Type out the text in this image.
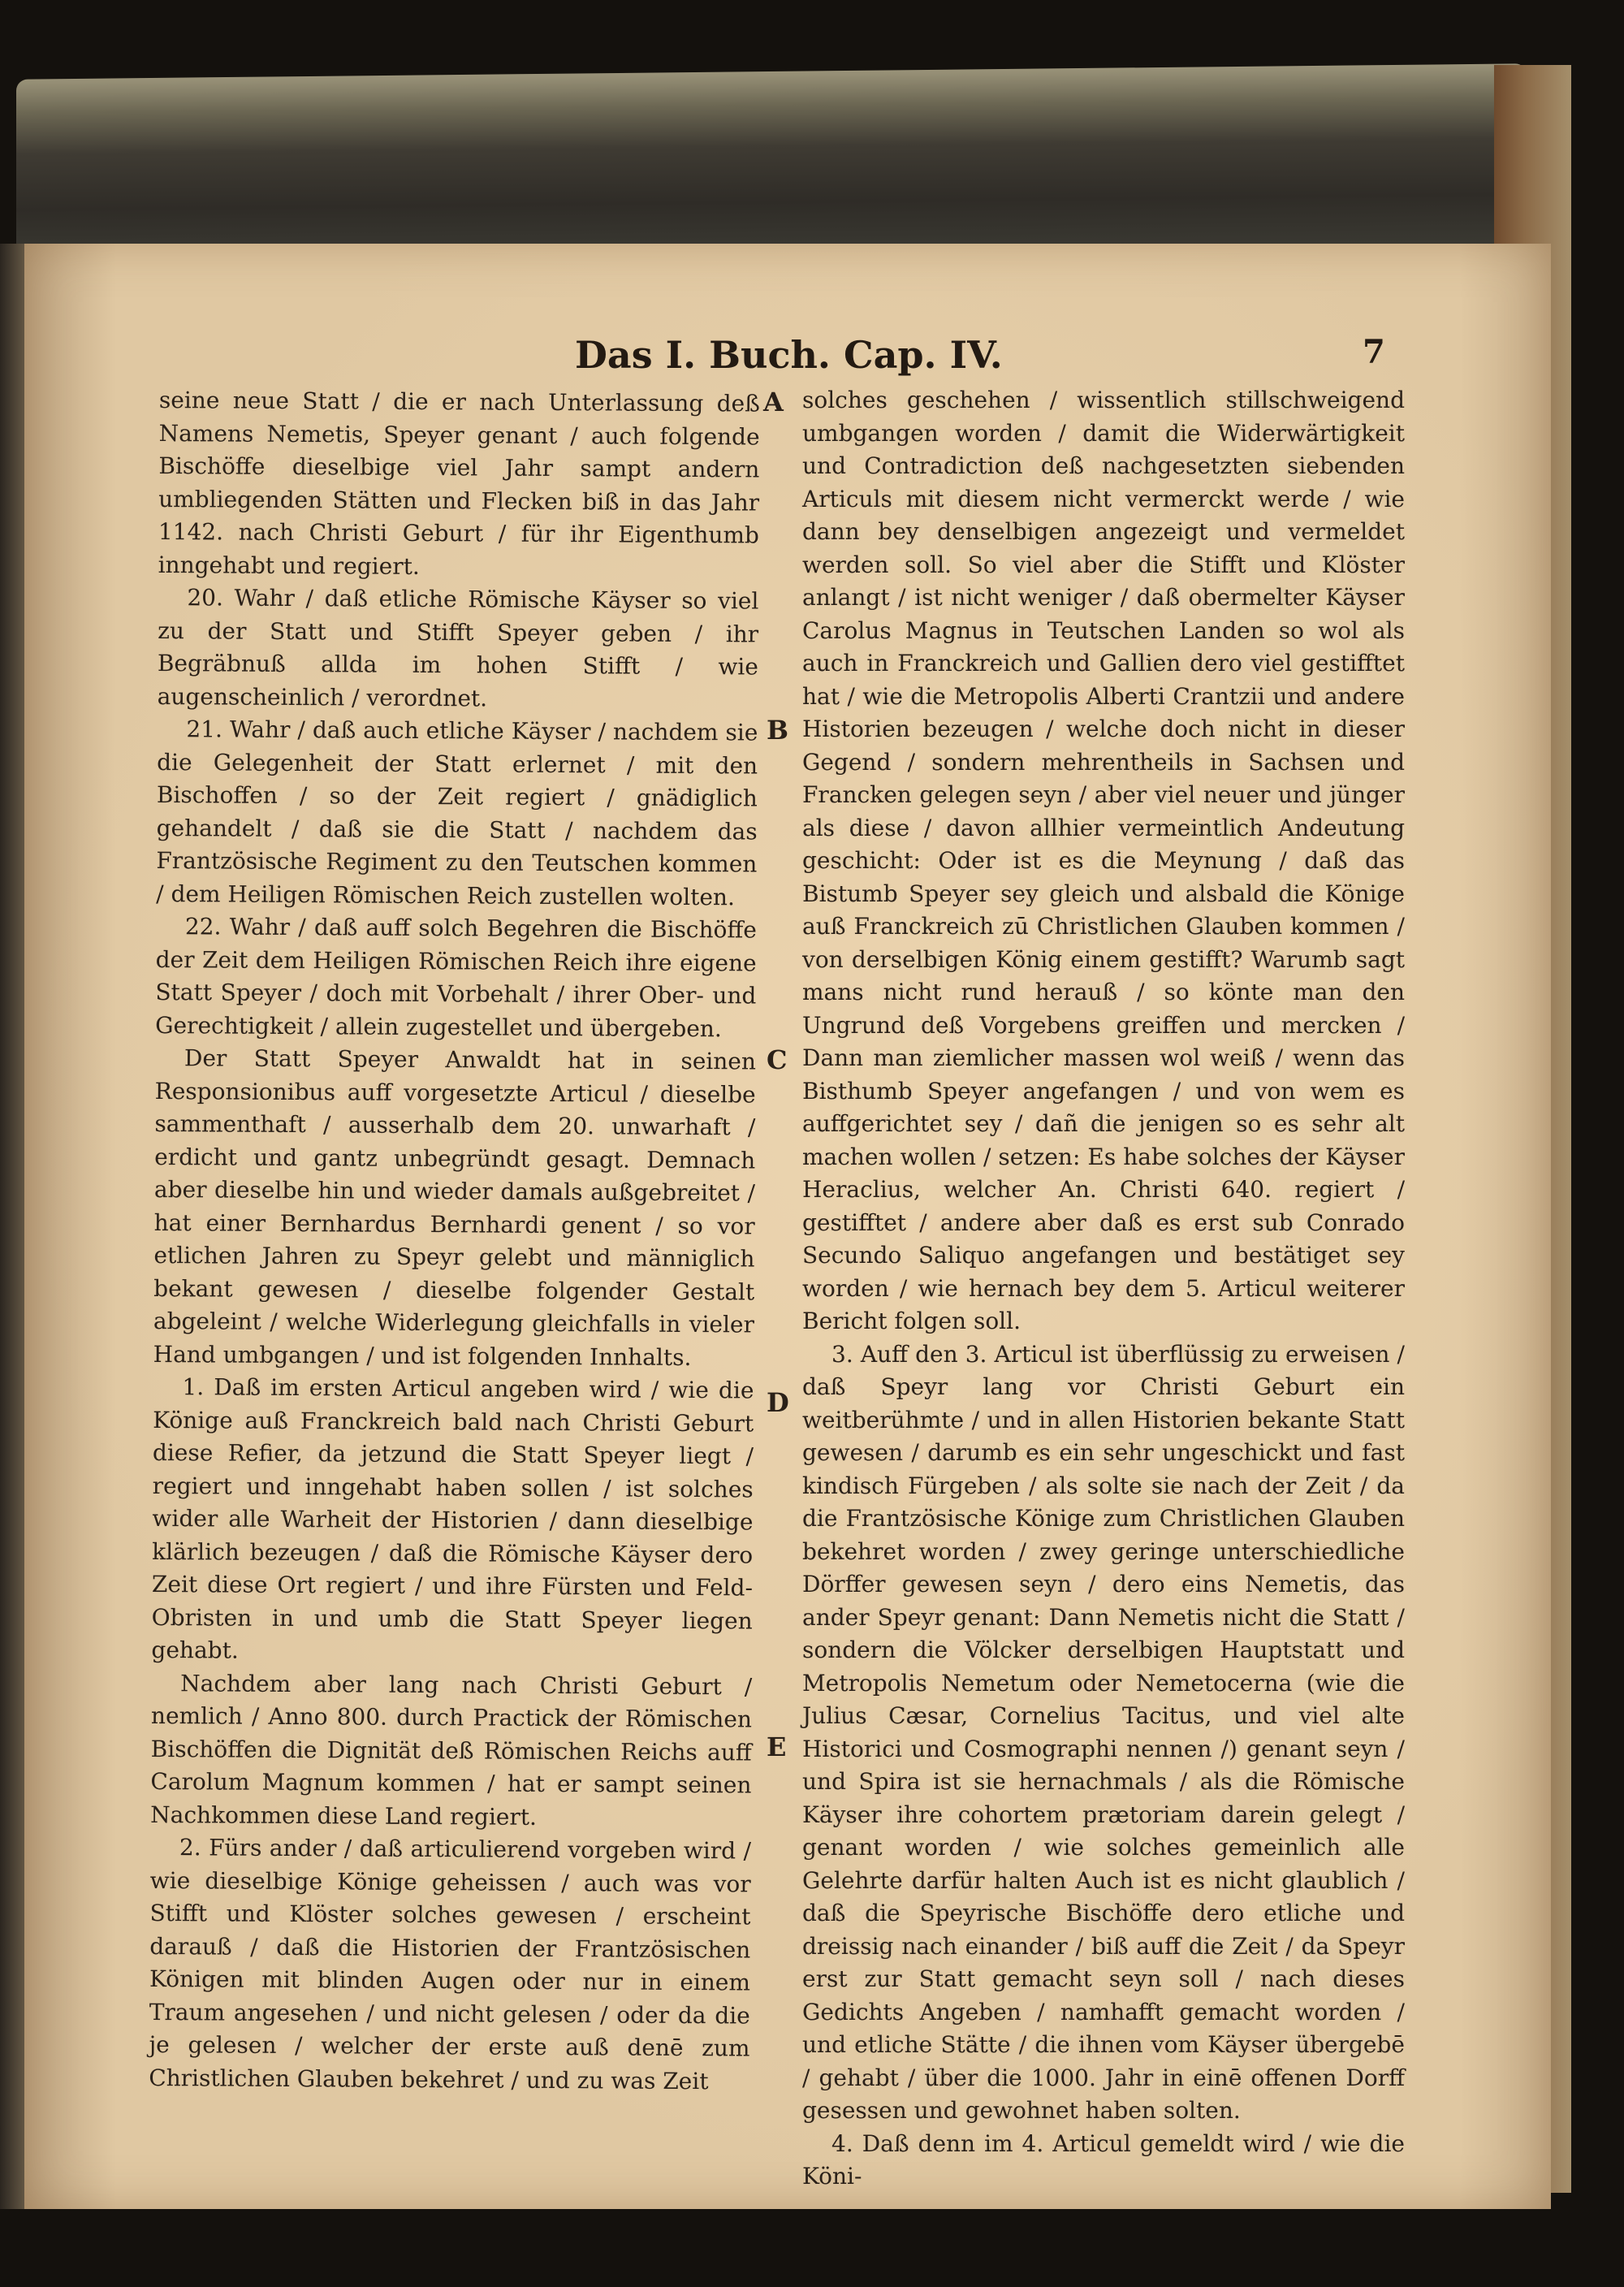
Das I. Buch. Cap. IV.	7

seine neue Statt / die er nach Unterlassung deß Namens Nemetis, Speyer genant / auch folgende Bischöffe dieselbige viel Jahr sampt andern umbliegenden Stätten und Flecken biß in das Jahr 1142. nach Christi Geburt / für ihr Eigenthumb inngehabt und regiert.

20. Wahr / daß etliche Römische Käyser so viel zu der Statt und Stifft Speyer geben / ihr Begräbnuß allda im hohen Stifft / wie augenscheinlich / verordnet.

21. Wahr / daß auch etliche Käyser / nachdem sie die Gelegenheit der Statt erlernet / mit den Bischoffen / so der Zeit regiert / gnädiglich gehandelt / daß sie die Statt / nachdem das Frantzösische Regiment zu den Teutschen kommen / dem Heiligen Römischen Reich zustellen wolten.

22. Wahr / daß auff solch Begehren die Bischöffe der Zeit dem Heiligen Römischen Reich ihre eigene Statt Speyer / doch mit Vorbehalt / ihrer Ober- und Gerechtigkeit / allein zugestellet und übergeben.

Der Statt Speyer Anwaldt hat in seinen Responsionibus auff vorgesetzte Articul / dieselbe sammenthaft / ausserhalb dem 20. unwarhaft / erdicht und gantz unbegründt gesagt. Demnach aber dieselbe hin und wieder damals außgebreitet / hat einer Bernhardus Bernhardi genent / so vor etlichen Jahren zu Speyr gelebt und männiglich bekant gewesen / dieselbe folgender Gestalt abgeleint / welche Widerlegung gleichfalls in vieler Hand umbgangen / und ist folgenden Innhalts.

1. Daß im ersten Articul angeben wird / wie die Könige auß Franckreich bald nach Christi Geburt diese Refier, da jetzund die Statt Speyer liegt / regiert und inngehabt haben sollen / ist solches wider alle Warheit der Historien / dann dieselbige klärlich bezeugen / daß die Römische Käyser dero Zeit diese Ort regiert / und ihre Fürsten und Feld-Obristen in und umb die Statt Speyer liegen gehabt.

Nachdem aber lang nach Christi Geburt / nemlich / Anno 800. durch Practick der Römischen Bischöffen die Dignität deß Römischen Reichs auff Carolum Magnum kommen / hat er sampt seinen Nachkommen diese Land regiert.

2. Fürs ander / daß articulierend vorgeben wird / wie dieselbige Könige geheissen / auch was vor Stifft und Klöster solches gewesen / erscheint darauß / daß die Historien der Frantzösischen Königen mit blinden Augen oder nur in einem Traum angesehen / und nicht gelesen / oder da die je gelesen / welcher der erste auß denē zum Christlichen Glauben bekehret / und zu was Zeit

A
B
C
D
E

solches geschehen / wissentlich stillschweigend umbgangen worden / damit die Widerwärtigkeit und Contradiction deß nachgesetzten siebenden Articuls mit diesem nicht vermerckt werde / wie dann bey denselbigen angezeigt und vermeldet werden soll. So viel aber die Stifft und Klöster anlangt / ist nicht weniger / daß obermelter Käyser Carolus Magnus in Teutschen Landen so wol als auch in Franckreich und Gallien dero viel gestifftet hat / wie die Metropolis Alberti Crantzii und andere Historien bezeugen / welche doch nicht in dieser Gegend / sondern mehrentheils in Sachsen und Francken gelegen seyn / aber viel neuer und jünger als diese / davon allhier vermeintlich Andeutung geschicht: Oder ist es die Meynung / daß das Bistumb Speyer sey gleich und alsbald die Könige auß Franckreich zū Christlichen Glauben kommen / von derselbigen König einem gestifft? Warumb sagt mans nicht rund herauß / so könte man den Ungrund deß Vorgebens greiffen und mercken / Dann man ziemlicher massen wol weiß / wenn das Bisthumb Speyer angefangen / und von wem es auffgerichtet sey / dañ die jenigen so es sehr alt machen wollen / setzen: Es habe solches der Käyser Heraclius, welcher An. Christi 640. regiert / gestifftet / andere aber daß es erst sub Conrado Secundo Saliquo angefangen und bestätiget sey worden / wie hernach bey dem 5. Articul weiterer Bericht folgen soll.

3. Auff den 3. Articul ist überflüssig zu erweisen / daß Speyr lang vor Christi Geburt ein weitberühmte / und in allen Historien bekante Statt gewesen / darumb es ein sehr ungeschickt und fast kindisch Fürgeben / als solte sie nach der Zeit / da die Frantzösische Könige zum Christlichen Glauben bekehret worden / zwey geringe unterschiedliche Dörffer gewesen seyn / dero eins Nemetis, das ander Speyr genant: Dann Nemetis nicht die Statt / sondern die Völcker derselbigen Hauptstatt und Metropolis Nemetum oder Nemetocerna (wie die Julius Cæsar, Cornelius Tacitus, und viel alte Historici und Cosmographi nennen /) genant seyn / und Spira ist sie hernachmals / als die Römische Käyser ihre cohortem prætoriam darein gelegt / genant worden / wie solches gemeinlich alle Gelehrte darfür halten Auch ist es nicht glaublich / daß die Speyrische Bischöffe dero etliche und dreissig nach einander / biß auff die Zeit / da Speyr erst zur Statt gemacht seyn soll / nach dieses Gedichts Angeben / namhafft gemacht worden / und etliche Stätte / die ihnen vom Käyser übergebē / gehabt / über die 1000. Jahr in einē offenen Dorff gesessen und gewohnet haben solten.

4. Daß denn im 4. Articul gemeldt wird / wie die Köni-
